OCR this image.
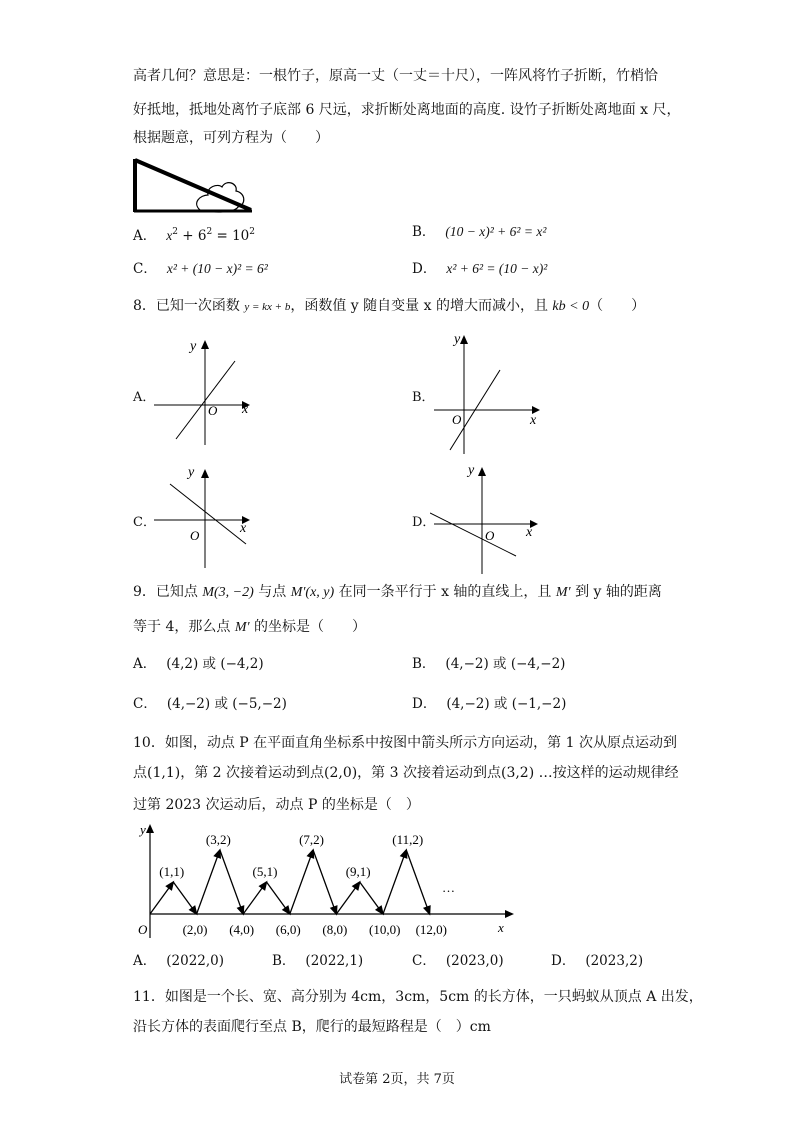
高者几何？意思是：一根竹子，原高一丈（一丈＝十尺），一阵风将竹子折断，竹梢恰
好抵地，抵地处离竹子底部 6 尺远，求折断处离地面的高度. 设竹子折断处离地面 x 尺，
根据题意，可列方程为（　　）
A． $x^2 + 6^2 = 10^2$	B． (10 − x)² + 6² = x²
C． x² + (10 − x)² = 6²	D． x² + 6² = (10 − x)²
8．已知一次函数 y = kx + b，函数值 y 随自变量 x 的增大而减小，且 kb < 0（　　）
A．
y
x
O
B．
y
x
O
C．
y
x
O
D．
y
x
O
9．已知点 M(3, −2) 与点 M′(x, y) 在同一条平行于 x 轴的直线上，且 M′ 到 y 轴的距离
等于 4，那么点 M′ 的坐标是（　　）
A． (4,2) 或 (−4,2)	B． (4,−2) 或 (−4,−2)
C． (4,−2) 或 (−5,−2)	D． (4,−2) 或 (−1,−2)
10．如图，动点 P 在平面直角坐标系中按图中箭头所示方向运动，第 1 次从原点运动到
点(1,1)，第 2 次接着运动到点(2,0)，第 3 次接着运动到点(3,2) …按这样的运动规律经
过第 2023 次运动后，动点 P 的坐标是（　）
y
x
O
(1,1)
(3,2)
(5,1)
(7,2)
(9,1)
(11,2)
(2,0) (4,0) (6,0) (8,0) (10,0) (12,0)
…
A． (2022,0)	B． (2022,1)	C． (2023,0)	D． (2023,2)
11．如图是一个长、宽、高分别为 4cm，3cm，5cm 的长方体，一只蚂蚁从顶点 A 出发，
沿长方体的表面爬行至点 B，爬行的最短路程是（　）cm
试卷第 2页，共 7页
